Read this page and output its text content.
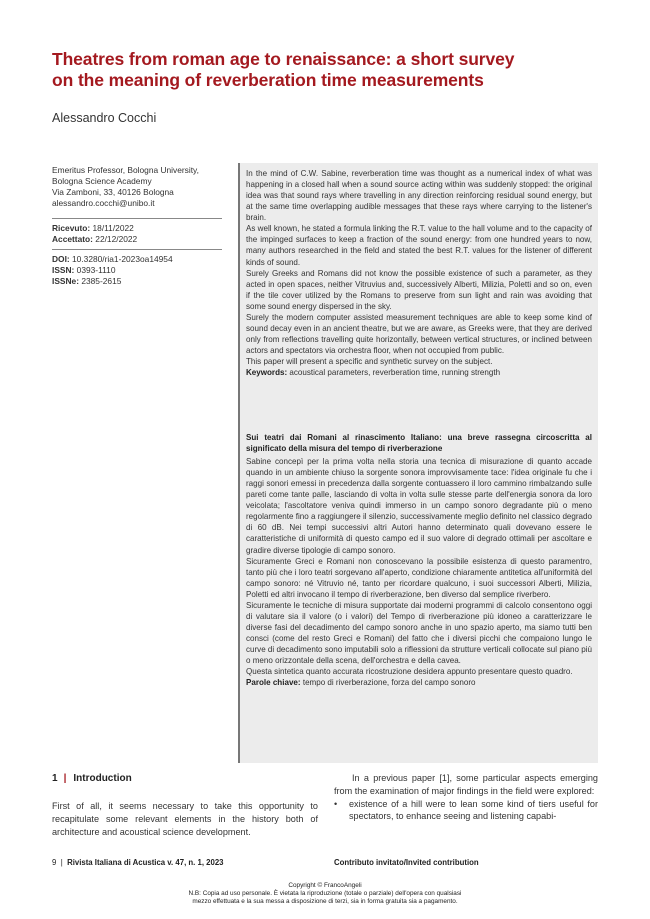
Theatres from roman age to renaissance: a short survey
on the meaning of reverberation time measurements
Alessandro Cocchi
Emeritus Professor, Bologna University,
Bologna Science Academy
Via Zamboni, 33, 40126 Bologna
alessandro.cocchi@unibo.it
Ricevuto: 18/11/2022
Accettato: 22/12/2022
DOI: 10.3280/ria1-2023oa14954
ISSN: 0393-1110
ISSNe: 2385-2615

In the mind of C.W. Sabine, reverberation time was thought as a numerical index of what was happening in a closed hall when a sound source acting within was suddenly stopped: the original idea was that sound rays where travelling in any direction reinforcing residual sound energy, but at the same time overlapping audible messages that these rays where carrying to the listener's brain.

As well known, he stated a formula linking the R.T. value to the hall volume and to the capacity of the impinged surfaces to keep a fraction of the sound energy: from one hundred years to now, many authors researched in the field and stated the best R.T. values for the listener of different kinds of sound.

Surely Greeks and Romans did not know the possible existence of such a parameter, as they acted in open spaces, neither Vitruvius and, successively Alberti, Milizia, Poletti and so on, even if the tile cover utilized by the Romans to preserve from sun light and rain was avoiding that some sound energy dispersed in the sky.

Surely the modern computer assisted measurement techniques are able to keep some kind of sound decay even in an ancient theatre, but we are aware, as Greeks were, that they are derived only from reflections travelling quite horizontally, between vertical structures, or inclined between actors and spectators via orchestra floor, when not occupied from public.

This paper will present a specific and synthetic survey on the subject.

Keywords: acoustical parameters, reverberation time, running strength

Sui teatri dai Romani al rinascimento Italiano: una breve rassegna circoscritta al significato della misura del tempo di riverberazione

Sabine concepì per la prima volta nella storia una tecnica di misurazione di quanto accade quando in un ambiente chiuso la sorgente sonora improvvisamente tace: l'idea originale fu che i raggi sonori emessi in precedenza dalla sorgente contuassero il loro cammino rimbalzando sulle pareti come tante palle, lasciando di volta in volta sulle stesse parte dell'energia sonora da loro veicolata; l'ascoltatore veniva quindi immerso in un campo sonoro degradante più o meno regolarmente fino a raggiungere il silenzio, successivamente meglio definito nel classico degrado di 60 dB. Nei tempi successivi altri Autori hanno determinato quali dovevano essere le caratteristiche di uniformità di questo campo ed il suo valore di degrado ottimali per ascoltare e gradire diverse tipologie di campo sonoro.

Sicuramente Greci e Romani non conoscevano la possibile esistenza di questo paramentro, tanto più che i loro teatri sorgevano all'aperto, condizione chiaramente antitetica all'uniformità del campo sonoro: né Vitruvio né, tanto per ricordare qualcuno, i suoi successori Alberti, Milizia, Poletti ed altri invocano il tempo di riverberazione, ben diverso dal semplice riverbero.

Sicuramente le tecniche di misura supportate dai moderni programmi di calcolo consentono oggi di valutare sia il valore (o i valori) del Tempo di riverberazione più idoneo a caratterizzare le diverse fasi del decadimento del campo sonoro anche in uno spazio aperto, ma siamo tutti ben consci (come del resto Greci e Romani) del fatto che i diversi picchi che compaiono lungo le curve di decadimento sono imputabili solo a riflessioni da strutture verticali collocate sul piano più o meno orizzontale della scena, dell'orchestra e della cavea.

Questa sintetica quanto accurata ricostruzione desidera appunto presentare questo quadro.

Parole chiave: tempo di riverberazione, forza del campo sonoro

1 | Introduction

First of all, it seems necessary to take this opportunity to recapitulate some relevant elements in the history both of architecture and acoustical science development.

In a previous paper [1], some particular aspects emerging from the examination of major findings in the field were explored:

• existence of a hill were to lean some kind of tiers useful for spectators, to enhance seeing and listening capabi-
9 | Rivista Italiana di Acustica v. 47, n. 1, 2023	Contributo invitato/Invited contribution
Copyright © FrancoAngeli
N.B: Copia ad uso personale. È vietata la riproduzione (totale o parziale) dell'opera con qualsiasi
mezzo effettuata e la sua messa a disposizione di terzi, sia in forma gratuita sia a pagamento.
